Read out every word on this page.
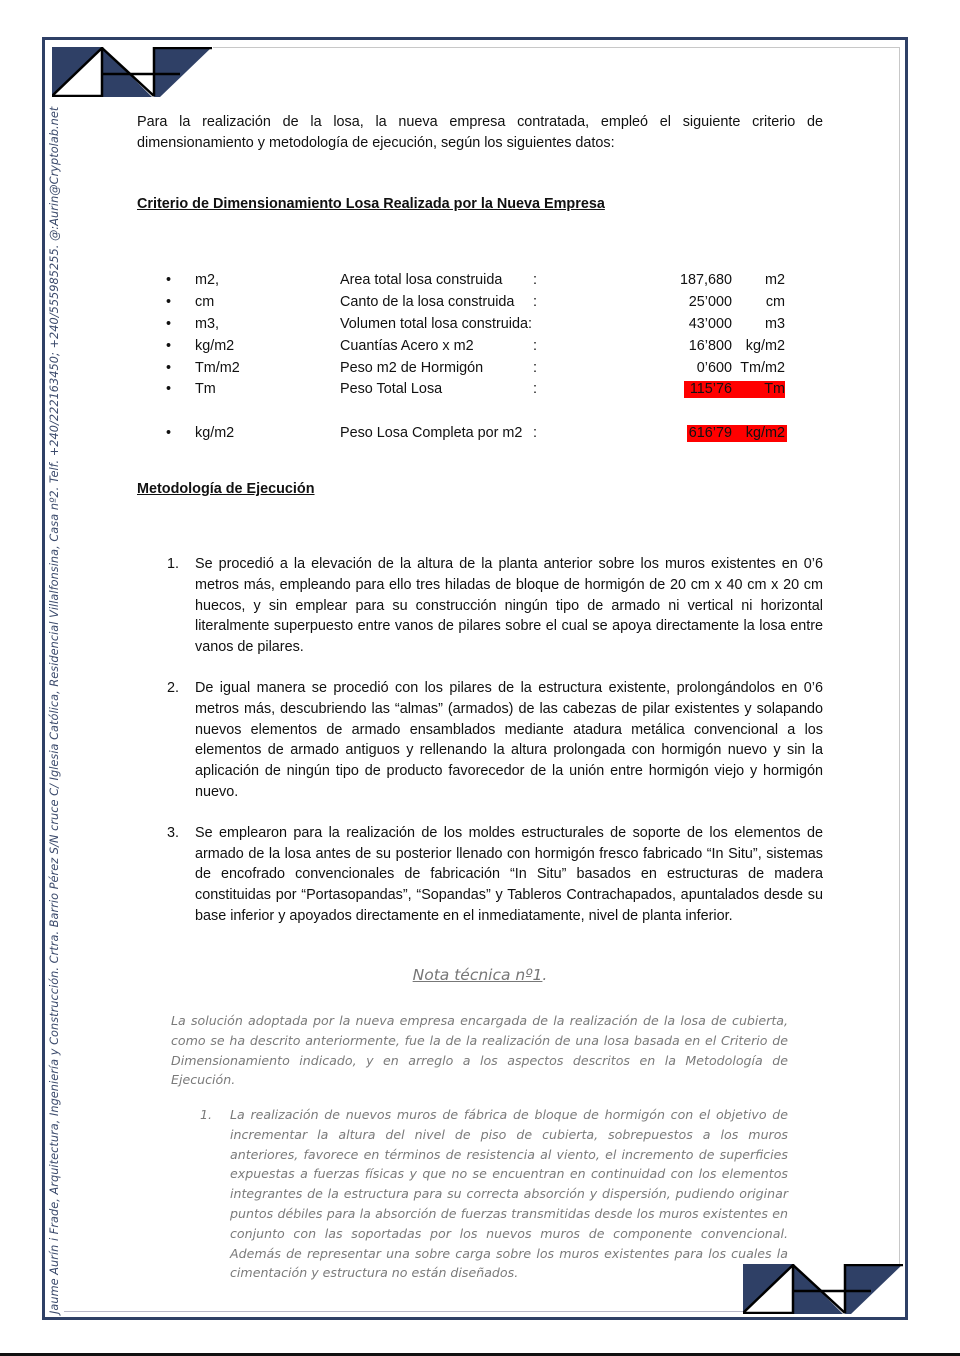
Jaume Aurín i Frade, Arquitectura, Ingeniería y Construcción. Crtra. Barrio Pérez S/N cruce C/ Iglesia Católica, Residencial Villalfonsina, Casa nº2. Telf. +240/222163450; +240/555985255. @:Aurin@Cryptolab.net	Para la realización de la losa, la nueva empresa contratada, empleó el siguiente criterio de dimensionamiento y metodología de ejecución, según los siguientes datos:

Criterio de Dimensionamiento Losa Realizada por la Nueva Empresa
• m2,	Area total losa construida :	187,680 m2
• cm	Canto de la losa construida :	25’000 cm
• m3,	Volumen total losa construida:	43’000 m3
• kg/m2	Cuantías Acero x m2	:	16’800 kg/m2
• Tm/m2	Peso m2 de Hormigón	:	0’600 Tm/m2
• Tm	Peso Total Losa	:	115’76 Tm
• kg/m2	Peso Losa Completa por m2 :	616’79 kg/m2
Metodología de Ejecución
1. Se procedió a la elevación de la altura de la planta anterior sobre los muros existentes en 0’6 metros más, empleando para ello tres hiladas de bloque de hormigón de 20 cm x 40 cm x 20 cm huecos, y sin emplear para su construcción ningún tipo de armado ni vertical ni horizontal literalmente superpuesto entre vanos de pilares sobre el cual se apoya directamente la losa entre vanos de pilares.
2. De igual manera se procedió con los pilares de la estructura existente, prolongándolos en 0’6 metros más, descubriendo las “almas” (armados) de las cabezas de pilar existentes y solapando nuevos elementos de armado ensamblados mediante atadura metálica convencional a los elementos de armado antiguos y rellenando la altura prolongada con hormigón nuevo y sin la aplicación de ningún tipo de producto favorecedor de la unión entre hormigón viejo y hormigón nuevo.
3. Se emplearon para la realización de los moldes estructurales de soporte de los elementos de armado de la losa antes de su posterior llenado con hormigón fresco fabricado “In Situ”, sistemas de encofrado convencionales de fabricación “In Situ” basados en estructuras de madera constituidas por “Portasopandas”, “Sopandas” y Tableros Contrachapados, apuntalados desde su base inferior y apoyados directamente en el inmediatamente, nivel de planta inferior.
Nota técnica nº1.

La solución adoptada por la nueva empresa encargada de la realización de la losa de cubierta, como se ha descrito anteriormente, fue la de la realización de una losa basada en el Criterio de Dimensionamiento indicado, y en arreglo a los aspectos descritos en la Metodología de Ejecución.

1. La realización de nuevos muros de fábrica de bloque de hormigón con el objetivo de incrementar la altura del nivel de piso de cubierta, sobrepuestos a los muros anteriores, favorece en términos de resistencia al viento, el incremento de superficies expuestas a fuerzas físicas y que no se encuentran en continuidad con los elementos integrantes de la estructura para su correcta absorción y dispersión, pudiendo originar puntos débiles para la absorción de fuerzas transmitidas desde los muros existentes en conjunto con las soportadas por los nuevos muros de componente convencional. Además de representar una sobre carga sobre los muros existentes para los cuales la cimentación y estructura no están diseñados.
